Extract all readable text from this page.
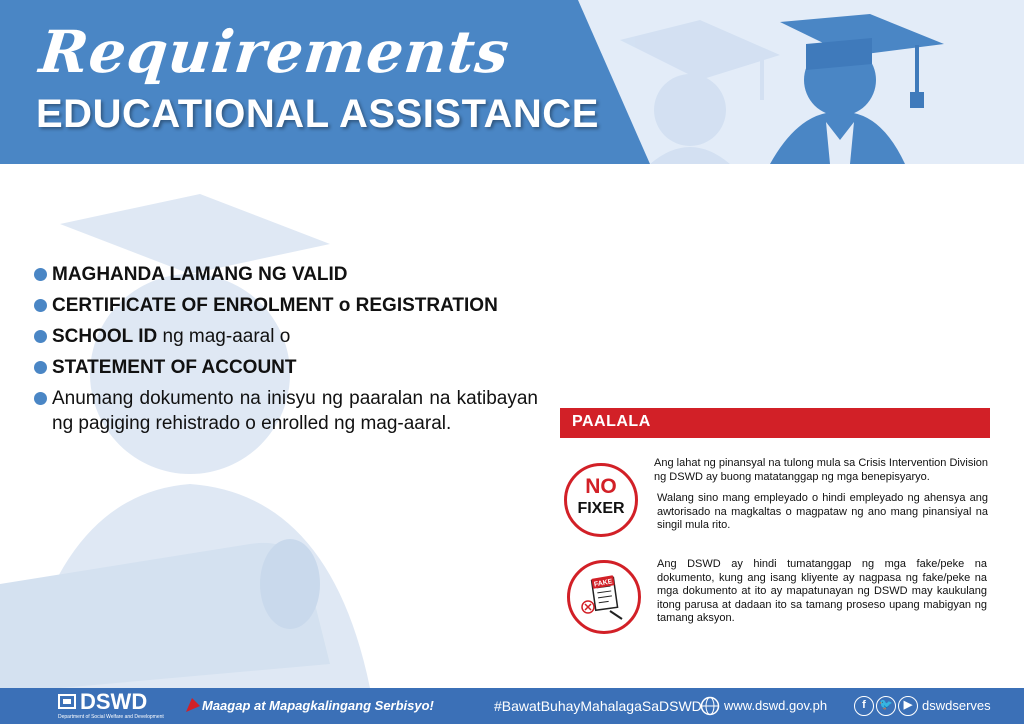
Requirements
EDUCATIONAL ASSISTANCE
MAGHANDA LAMANG NG VALID
CERTIFICATE OF ENROLMENT o REGISTRATION
SCHOOL ID ng mag-aaral o
STATEMENT OF ACCOUNT
Anumang dokumento na inisyu ng paaralan na katibayan ng pagiging rehistrado o enrolled ng mag-aaral.	PAALALA
NO
FIXER
Ang lahat ng pinansyal na tulong mula sa Crisis Intervention Division ng DSWD ay buong matatanggap ng mga benepisyaryo.
Walang sino mang empleyado o hindi empleyado ng ahensya ang awtorisado na magkaltas o magpataw ng ano mang pinansiyal na singil mula rito.
FAKE
Ang DSWD ay hindi tumatanggap ng mga fake/peke na dokumento, kung ang isang kliyente ay nagpasa ng fake/peke na mga dokumento at ito ay mapatunayan ng DSWD may kaukulang itong parusa at dadaan ito sa tamang proseso upang mabigyan ng tamang aksyon.
DSWD
Department of Social Welfare and Development
Maagap at Mapagkalingang Serbisyo!	#BawatBuhayMahalagaSaDSWD www.dswd.gov.ph	f	🐦 ▶ dswdserves
